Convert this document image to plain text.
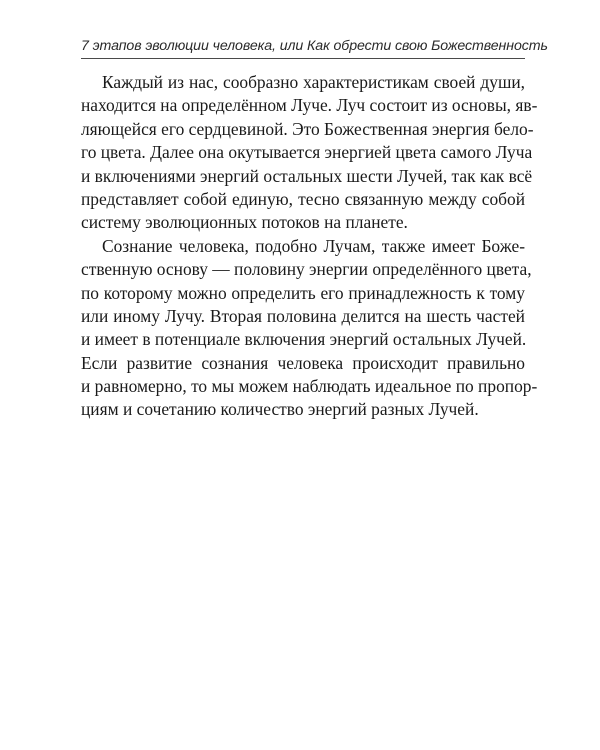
7 этапов эволюции человека, или Как обрести свою Божественность
Каждый из нас, сообразно характеристикам своей души,
находится на определённом Луче. Луч состоит из основы, яв-
ляющейся его сердцевиной. Это Божественная энергия бело-
го цвета. Далее она окутывается энергией цвета самого Луча
и включениями энергий остальных шести Лучей, так как всё
представляет собой единую, тесно связанную между собой
систему эволюционных потоков на планете.
Сознание человека, подобно Лучам, также имеет Боже-
ственную основу — половину энергии определённого цвета,
по которому можно определить его принадлежность к тому
или иному Лучу. Вторая половина делится на шесть частей
и имеет в потенциале включения энергий остальных Лучей.
Если развитие сознания человека происходит правильно
и равномерно, то мы можем наблюдать идеальное по пропор-
циям и сочетанию количество энергий разных Лучей.
